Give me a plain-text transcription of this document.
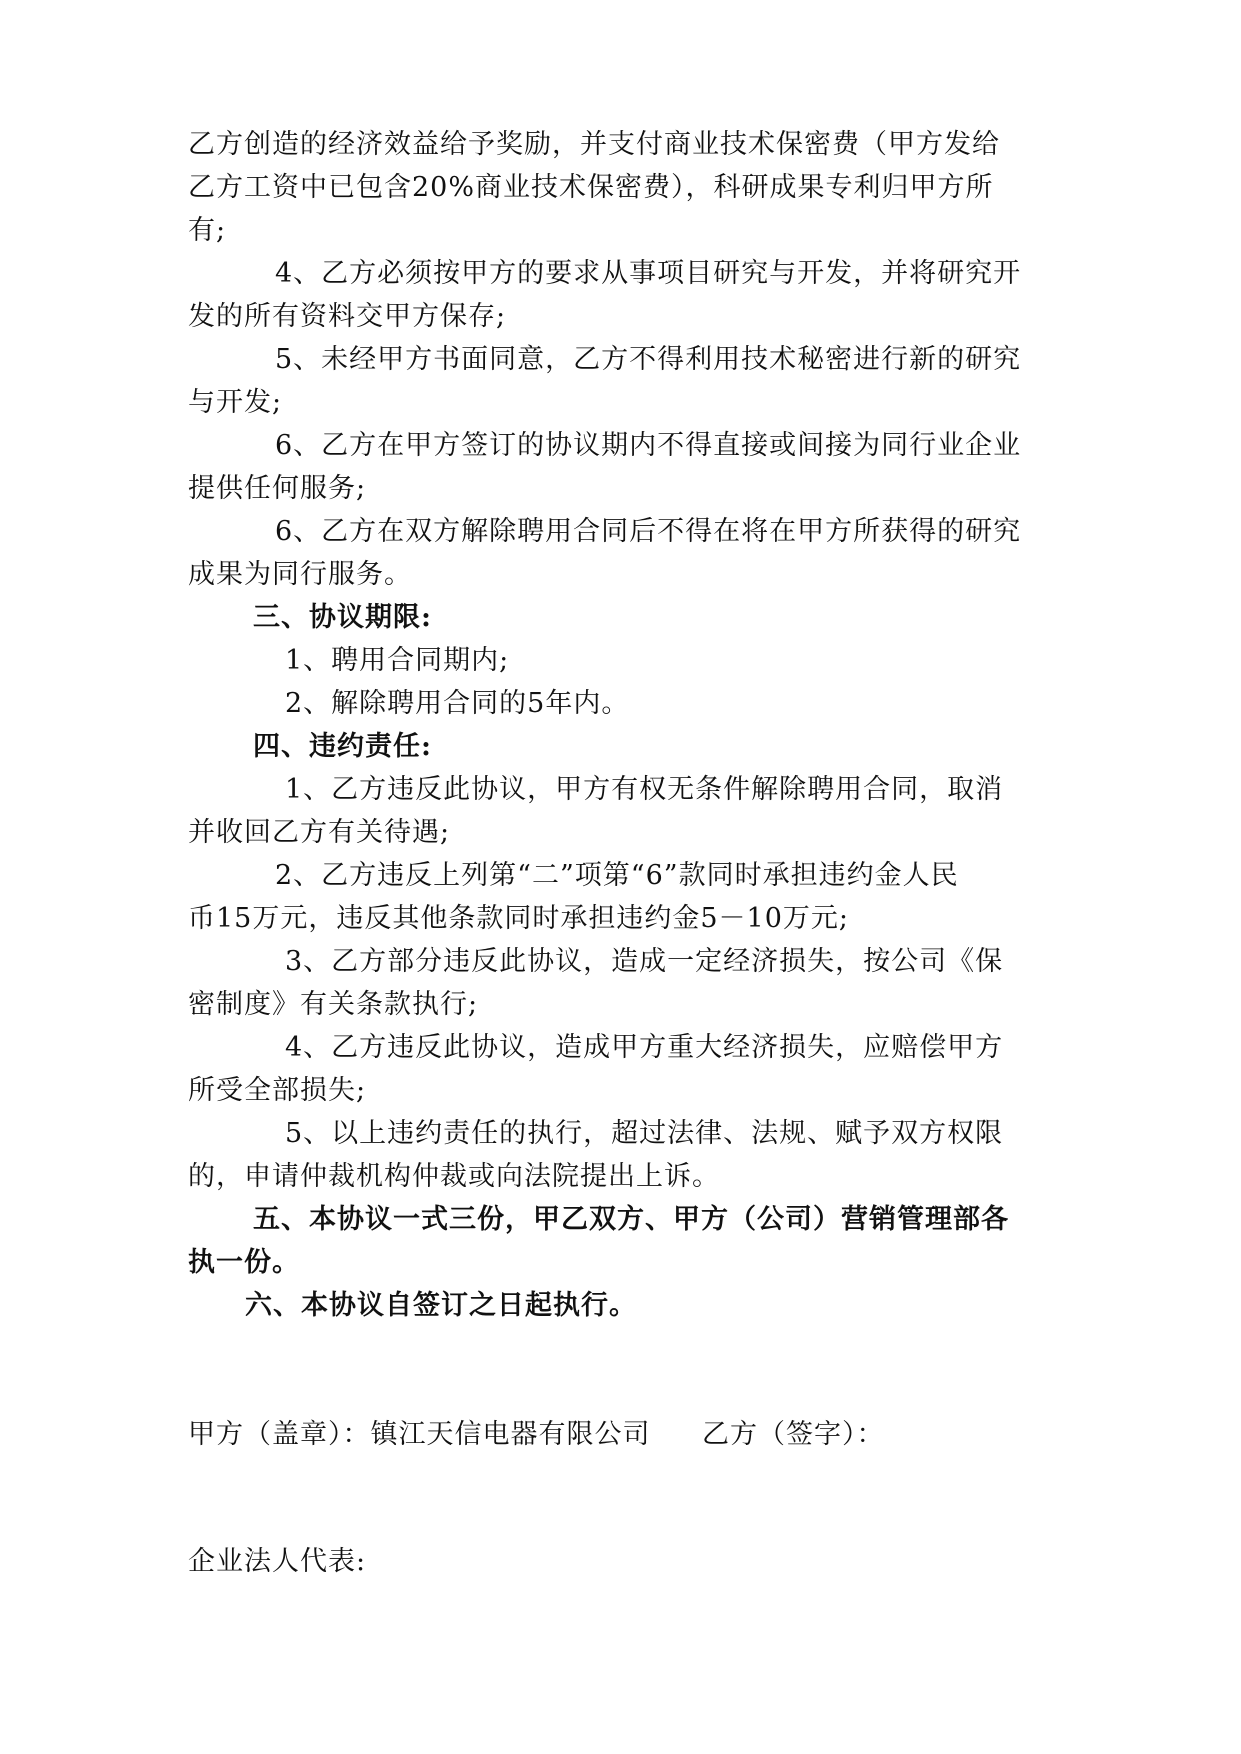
乙方创造的经济效益给予奖励，并支付商业技术保密费（甲方发给
乙方工资中已包含20%商业技术保密费），科研成果专利归甲方所
有;
4、乙方必须按甲方的要求从事项目研究与开发，并将研究开
发的所有资料交甲方保存;
5、未经甲方书面同意，乙方不得利用技术秘密进行新的研究
与开发;
6、乙方在甲方签订的协议期内不得直接或间接为同行业企业
提供任何服务;
6、乙方在双方解除聘用合同后不得在将在甲方所获得的研究
成果为同行服务。
三、协议期限:
1、聘用合同期内;
2、解除聘用合同的5年内。
四、违约责任:
1、乙方违反此协议，甲方有权无条件解除聘用合同，取消
并收回乙方有关待遇;
2、乙方违反上列第“二”项第“6”款同时承担违约金人民
币15万元，违反其他条款同时承担违约金5－10万元;
3、乙方部分违反此协议，造成一定经济损失，按公司《保
密制度》有关条款执行;
4、乙方违反此协议，造成甲方重大经济损失，应赔偿甲方
所受全部损失;
5、以上违约责任的执行，超过法律、法规、赋予双方权限
的，申请仲裁机构仲裁或向法院提出上诉。
五、本协议一式三份，甲乙双方、甲方（公司）营销管理部各
执一份。
六、本协议自签订之日起执行。
甲方（盖章）：镇江天信电器有限公司 乙方（签字）：
企业法人代表:
